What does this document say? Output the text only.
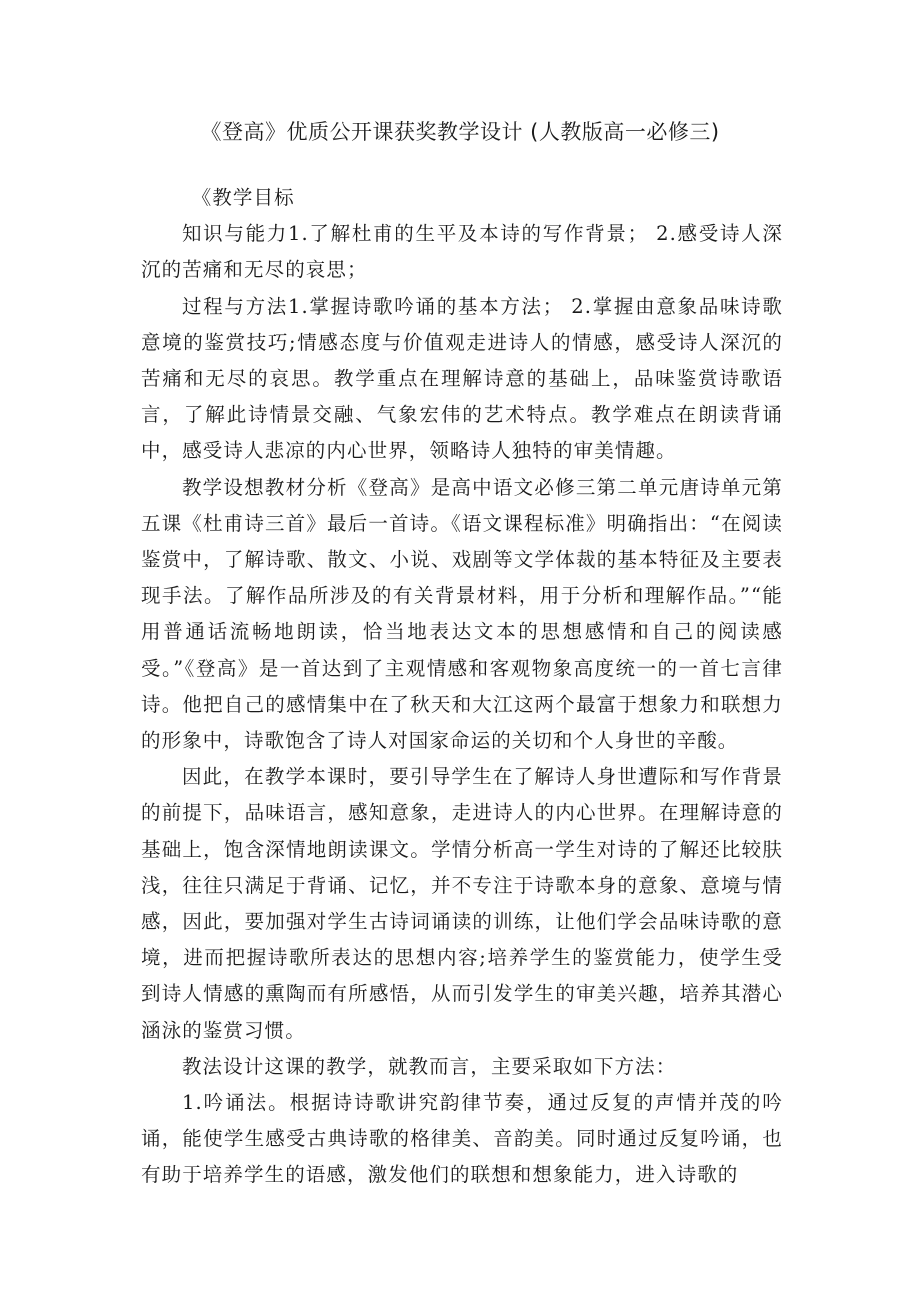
《登高》优质公开课获奖教学设计 (人教版高一必修三)

《教学目标

知识与能力1.了解杜甫的生平及本诗的写作背景； 2.感受诗人深沉的苦痛和无尽的哀思；

过程与方法1.掌握诗歌吟诵的基本方法； 2.掌握由意象品味诗歌意境的鉴赏技巧;情感态度与价值观走进诗人的情感，感受诗人深沉的苦痛和无尽的哀思。教学重点在理解诗意的基础上，品味鉴赏诗歌语言，了解此诗情景交融、气象宏伟的艺术特点。教学难点在朗读背诵中，感受诗人悲凉的内心世界，领略诗人独特的审美情趣。

教学设想教材分析《登高》是高中语文必修三第二单元唐诗单元第五课《杜甫诗三首》最后一首诗。《语文课程标准》明确指出：“在阅读鉴赏中，了解诗歌、散文、小说、戏剧等文学体裁的基本特征及主要表现手法。了解作品所涉及的有关背景材料，用于分析和理解作品。”“能用普通话流畅地朗读，恰当地表达文本的思想感情和自己的阅读感受。”《登高》是一首达到了主观情感和客观物象高度统一的一首七言律诗。他把自己的感情集中在了秋天和大江这两个最富于想象力和联想力的形象中，诗歌饱含了诗人对国家命运的关切和个人身世的辛酸。

因此，在教学本课时，要引导学生在了解诗人身世遭际和写作背景的前提下，品味语言，感知意象，走进诗人的内心世界。在理解诗意的基础上，饱含深情地朗读课文。学情分析高一学生对诗的了解还比较肤浅，往往只满足于背诵、记忆，并不专注于诗歌本身的意象、意境与情感，因此，要加强对学生古诗词诵读的训练，让他们学会品味诗歌的意境，进而把握诗歌所表达的思想内容;培养学生的鉴赏能力，使学生受到诗人情感的熏陶而有所感悟，从而引发学生的审美兴趣，培养其潜心涵泳的鉴赏习惯。

教法设计这课的教学，就教而言，主要采取如下方法：

1.吟诵法。根据诗诗歌讲究韵律节奏，通过反复的声情并茂的吟诵，能使学生感受古典诗歌的格律美、音韵美。同时通过反复吟诵，也有助于培养学生的语感，激发他们的联想和想象能力，进入诗歌的
